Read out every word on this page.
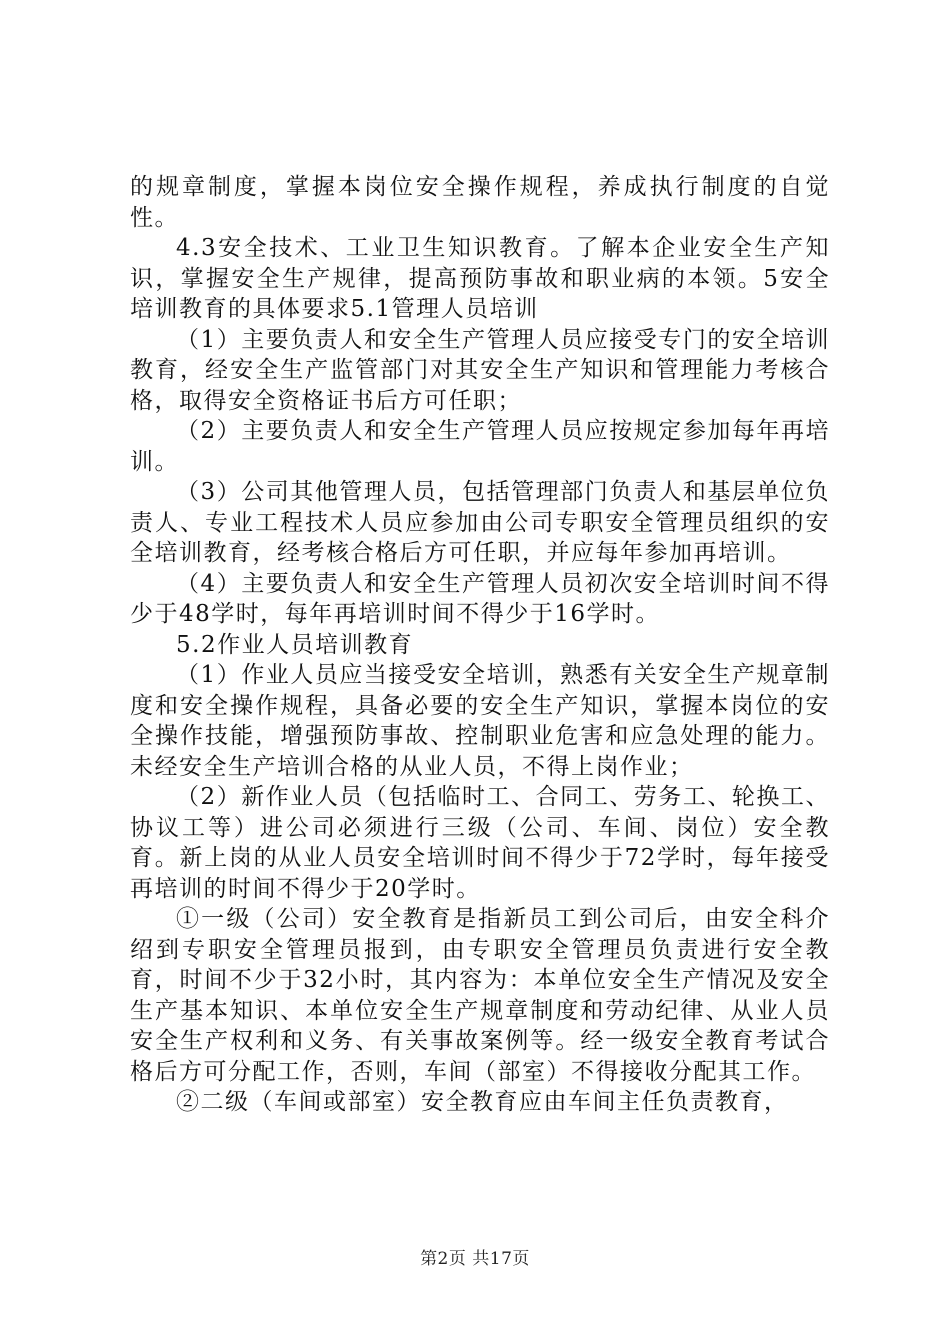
的规章制度，掌握本岗位安全操作规程，养成执行制度的自觉性。

4.3安全技术、工业卫生知识教育。了解本企业安全生产知识，掌握安全生产规律，提高预防事故和职业病的本领。5安全培训教育的具体要求5.1管理人员培训

（1）主要负责人和安全生产管理人员应接受专门的安全培训教育，经安全生产监管部门对其安全生产知识和管理能力考核合格，取得安全资格证书后方可任职；

（2）主要负责人和安全生产管理人员应按规定参加每年再培训。

（3）公司其他管理人员，包括管理部门负责人和基层单位负责人、专业工程技术人员应参加由公司专职安全管理员组织的安全培训教育，经考核合格后方可任职，并应每年参加再培训。

（4）主要负责人和安全生产管理人员初次安全培训时间不得少于48学时，每年再培训时间不得少于16学时。

5.2作业人员培训教育

（1）作业人员应当接受安全培训，熟悉有关安全生产规章制度和安全操作规程，具备必要的安全生产知识，掌握本岗位的安全操作技能，增强预防事故、控制职业危害和应急处理的能力。未经安全生产培训合格的从业人员，不得上岗作业；

（2）新作业人员（包括临时工、合同工、劳务工、轮换工、协议工等）进公司必须进行三级（公司、车间、岗位）安全教育。新上岗的从业人员安全培训时间不得少于72学时，每年接受再培训的时间不得少于20学时。

①一级（公司）安全教育是指新员工到公司后，由安全科介绍到专职安全管理员报到，由专职安全管理员负责进行安全教育，时间不少于32小时，其内容为：本单位安全生产情况及安全生产基本知识、本单位安全生产规章制度和劳动纪律、从业人员安全生产权利和义务、有关事故案例等。经一级安全教育考试合格后方可分配工作，否则，车间（部室）不得接收分配其工作。

②二级（车间或部室）安全教育应由车间主任负责教育，

第2页 共17页
